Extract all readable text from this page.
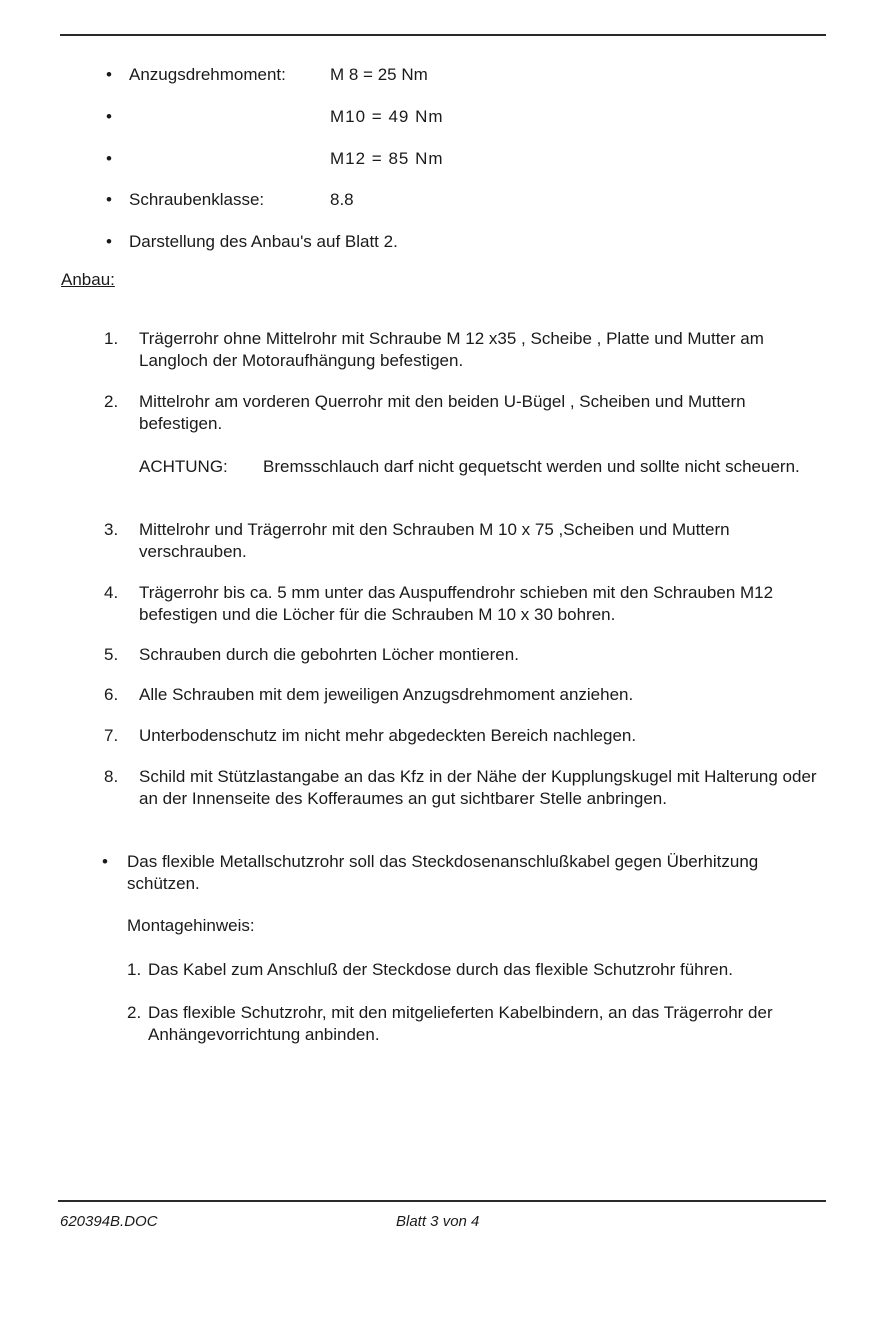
• Anzugsdrehmoment:	M 8 = 25 Nm
•	M10 = 49 Nm
•	M12 = 85 Nm
• Schraubenklasse:	8.8
• Darstellung des Anbau's auf Blatt 2.
Anbau:
1. Trägerrohr ohne Mittelrohr mit Schraube M 12 x35 , Scheibe , Platte und Mutter am Langloch der Motoraufhängung befestigen.
2. Mittelrohr am vorderen Querrohr mit den beiden U-Bügel , Scheiben und Muttern befestigen.
ACHTUNG: Bremsschlauch darf nicht gequetscht werden und sollte nicht scheuern.
3. Mittelrohr und Trägerrohr mit den Schrauben M 10 x 75 ,Scheiben und Muttern verschrauben.
4. Trägerrohr bis ca. 5 mm unter das Auspuffendrohr schieben mit den Schrauben M12 befestigen und die Löcher für die Schrauben M 10 x 30 bohren.
5. Schrauben durch die gebohrten Löcher montieren.
6. Alle Schrauben mit dem jeweiligen Anzugsdrehmoment anziehen.
7. Unterbodenschutz im nicht mehr abgedeckten Bereich nachlegen.
8. Schild mit Stützlastangabe an das Kfz in der Nähe der Kupplungskugel mit Halterung oder an der Innenseite des Kofferaumes an gut sichtbarer Stelle anbringen.
• Das flexible Metallschutzrohr soll das Steckdosenanschlußkabel gegen Überhitzung schützen.
Montagehinweis:
1. Das Kabel zum Anschluß der Steckdose durch das flexible Schutzrohr führen.
2. Das flexible Schutzrohr, mit den mitgelieferten Kabelbindern, an das Trägerrohr der Anhängevorrichtung anbinden.
620394B.DOC	Blatt 3 von 4
